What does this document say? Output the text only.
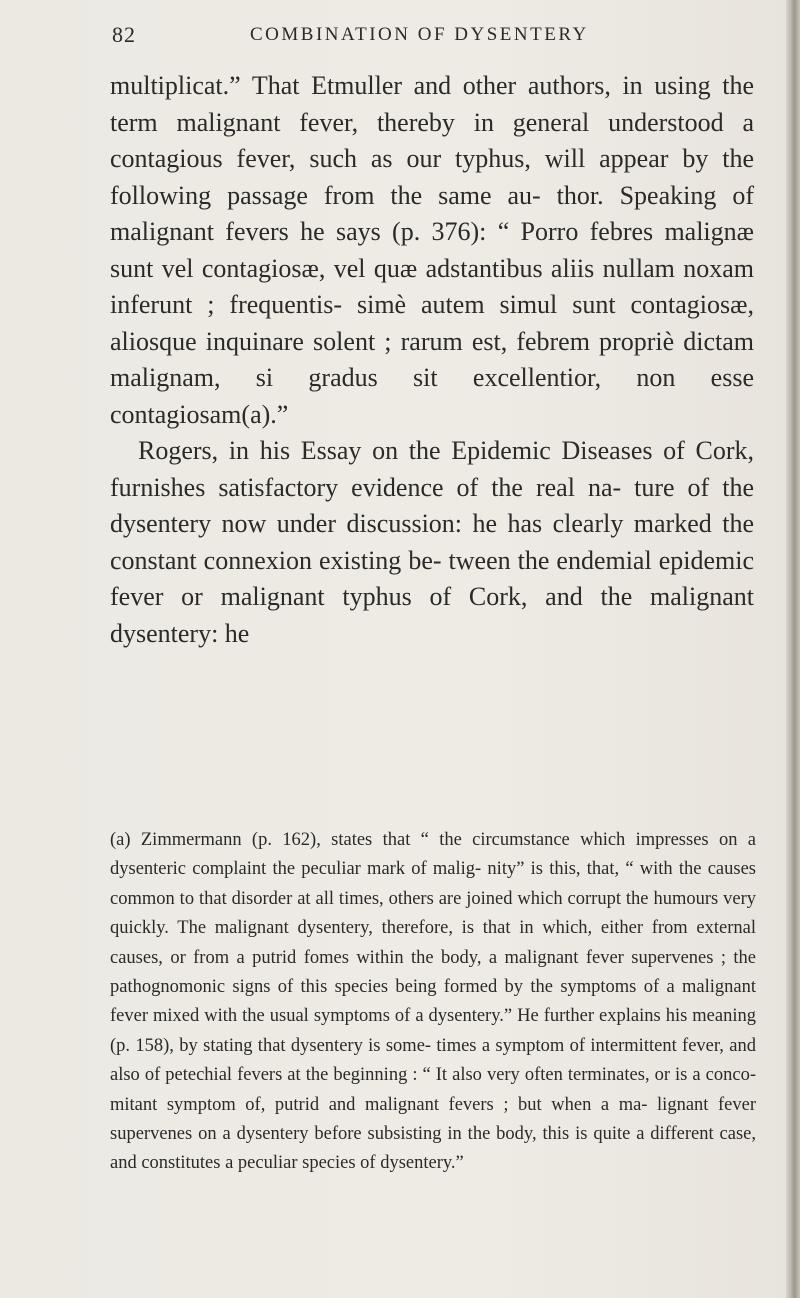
82	COMBINATION OF DYSENTERY

multiplicat.” That Etmuller and other authors, in using the term malignant fever, thereby in general understood a contagious fever, such as our typhus, will appear by the following passage from the same au- thor. Speaking of malignant fevers he says (p. 376): “ Porro febres malignæ sunt vel contagiosæ, vel quæ adstantibus aliis nullam noxam inferunt ; frequentis- simè autem simul sunt contagiosæ, aliosque inquinare solent ; rarum est, febrem propriè dictam malignam, si gradus sit excellentior, non esse contagiosam(a).”

Rogers, in his Essay on the Epidemic Diseases of Cork, furnishes satisfactory evidence of the real na- ture of the dysentery now under discussion: he has clearly marked the constant connexion existing be- tween the endemial epidemic fever or malignant typhus of Cork, and the malignant dysentery: he

(a) Zimmermann (p. 162), states that “ the circumstance which impresses on a dysenteric complaint the peculiar mark of malig- nity” is this, that, “ with the causes common to that disorder at all times, others are joined which corrupt the humours very quickly. The malignant dysentery, therefore, is that in which, either from external causes, or from a putrid fomes within the body, a malignant fever supervenes ; the pathognomonic signs of this species being formed by the symptoms of a malignant fever mixed with the usual symptoms of a dysentery.” He further explains his meaning (p. 158), by stating that dysentery is some- times a symptom of intermittent fever, and also of petechial fevers at the beginning : “ It also very often terminates, or is a conco- mitant symptom of, putrid and malignant fevers ; but when a ma- lignant fever supervenes on a dysentery before subsisting in the body, this is quite a different case, and constitutes a peculiar species of dysentery.”
